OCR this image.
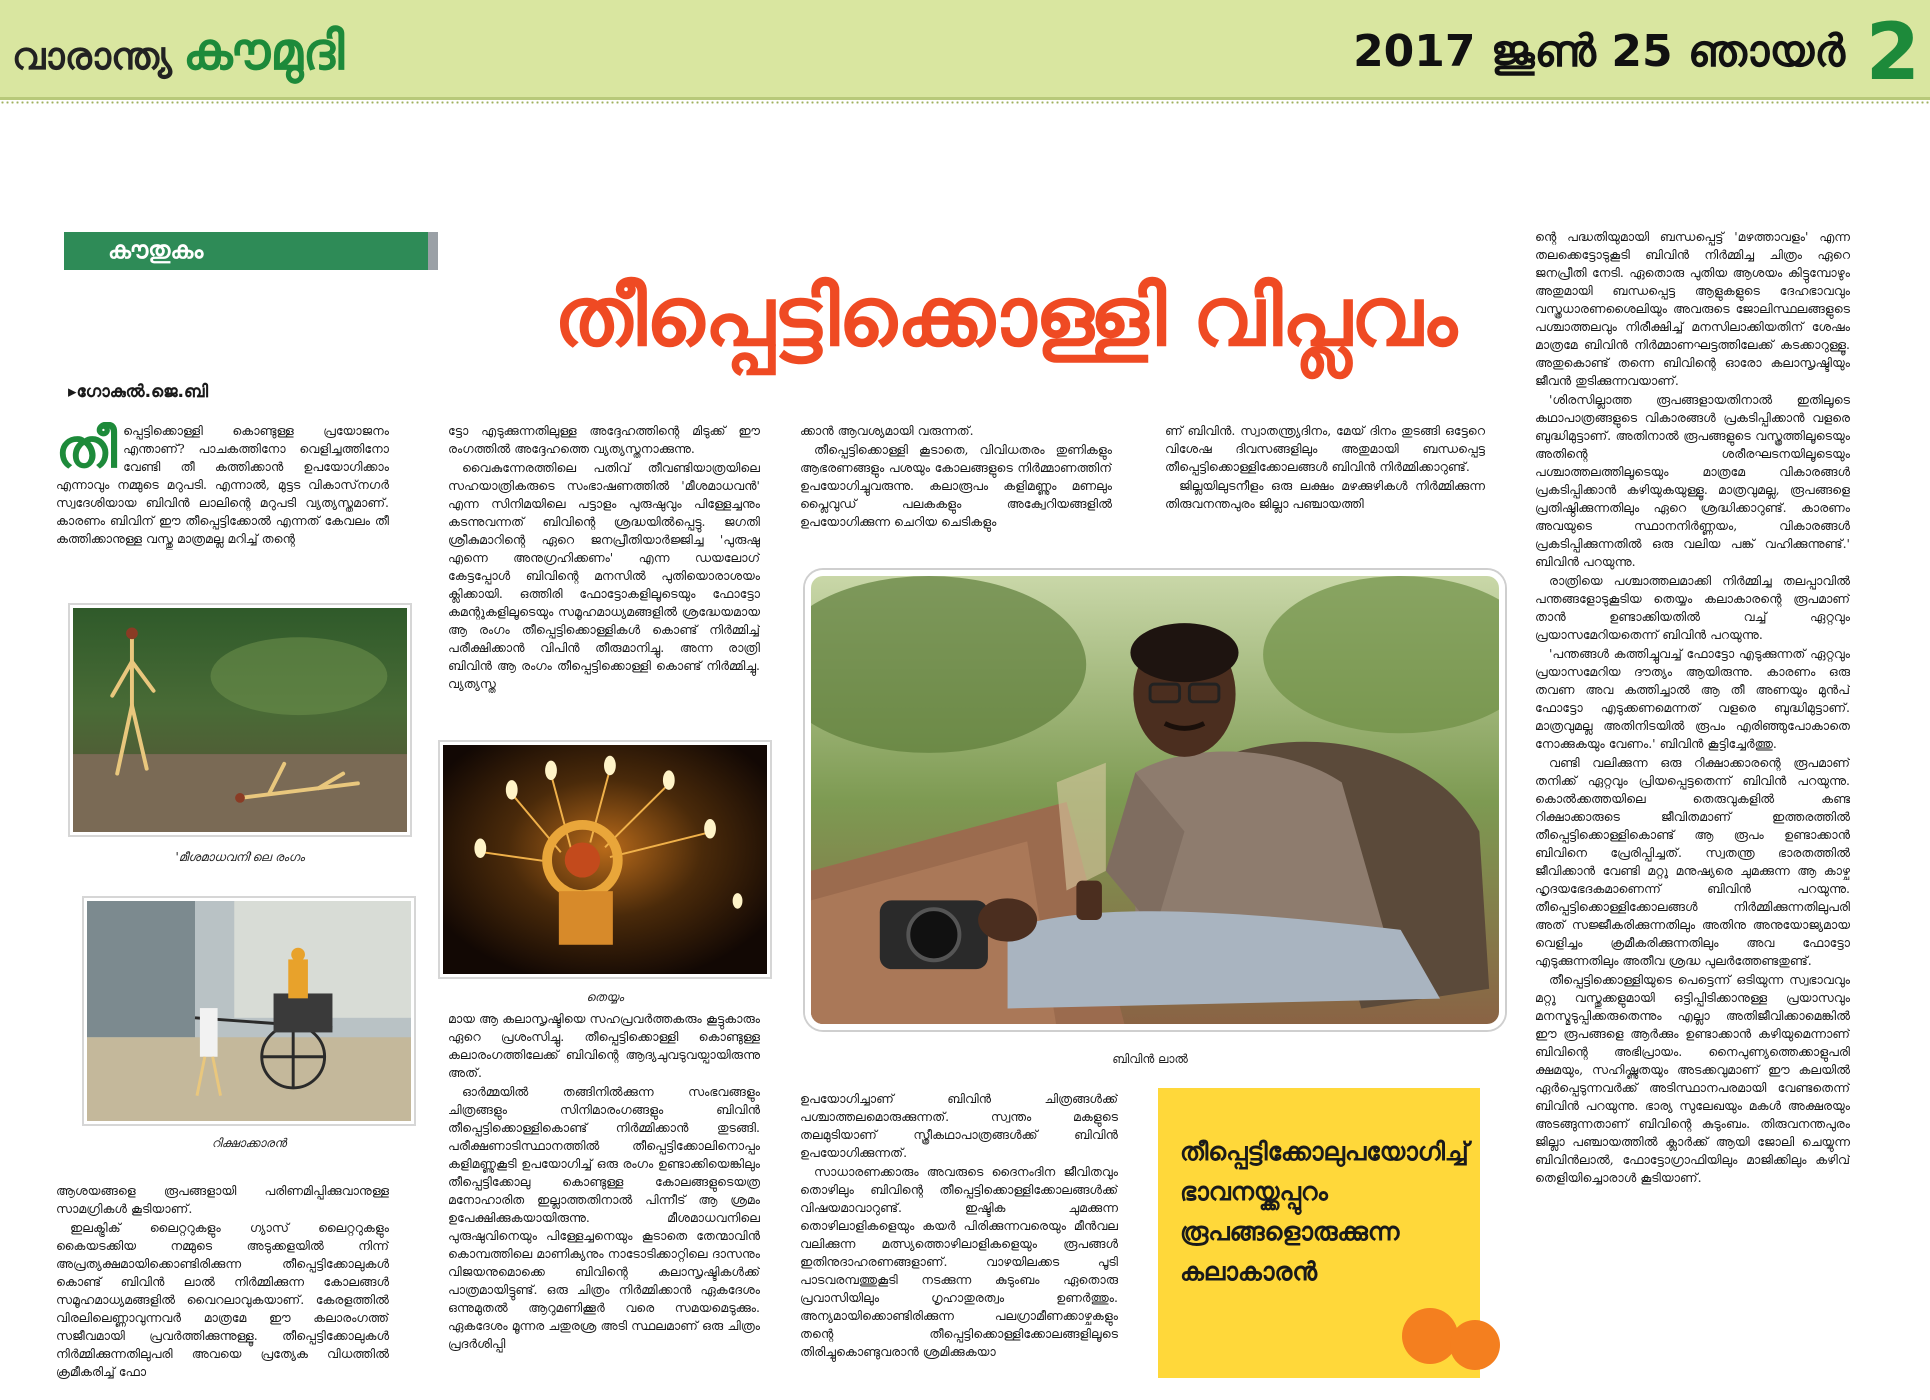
വാരാന്ത്യ കൗമുദി	2017 ജൂൺ 25 ഞായർ 2
കൗതുകം
തീപ്പെട്ടിക്കൊള്ളി വിപ്ലവം
▸ഗോകുൽ.ജെ.ബി
തീ പ്പെട്ടിക്കൊള്ളി കൊണ്ടുള്ള പ്രയോജനം എന്താണ്? പാചകത്തിനോ വെളിച്ചത്തിനോ വേണ്ടി തീ കത്തിക്കാൻ ഉപയോഗിക്കാം എന്നാവും നമ്മുടെ മറുപടി. എന്നാൽ, മുട്ടട വികാസ്‌നഗർ സ്വദേശിയായ ബിവിൻ ലാലിന്റെ മറുപടി വ്യത്യസ്തമാണ്. കാരണം ബിവിന് ഈ തീപ്പെട്ടിക്കോൽ എന്നത് കേവലം തീ കത്തിക്കാനുള്ള വസ്തു മാത്രമല്ല മറിച്ച് തന്റെ

'മീശമാധവനി'ലെ രംഗം
റിക്ഷാക്കാരൻ

ആശയങ്ങളെ രൂപങ്ങളായി പരിണമിപ്പിക്കുവാനുള്ള സാമഗ്രികൾ കൂടിയാണ്.

ഇലക്ട്രിക് ലൈറ്ററുകളും ഗ്യാസ് ലൈറ്ററുകളും കൈയടക്കിയ നമ്മുടെ അടുക്കളയിൽ നിന്ന് അപ്രത്യക്ഷമായിക്കൊണ്ടിരിക്കുന്ന തീപ്പെട്ടിക്കോലുകൾ കൊണ്ട് ബിവിൻ ലാൽ നിർമ്മിക്കുന്ന കോലങ്ങൾ സമൂഹമാധ്യമങ്ങളിൽ വൈറലാവുകയാണ്. കേരളത്തിൽ വിരലിലെണ്ണാവുന്നവർ മാത്രമേ ഈ കലാരംഗത്ത് സജീവമായി പ്രവർത്തിക്കുന്നുള്ളൂ. തീപ്പെട്ടിക്കോലുകൾ നിർമ്മിക്കുന്നതിലുപരി അവയെ പ്രത്യേക വിധത്തിൽ ക്രമീകരിച്ച് ഫോ

ട്ടോ എടുക്കുന്നതിലുള്ള അദ്ദേഹത്തിന്റെ മിടുക്ക് ഈ രംഗത്തിൽ അദ്ദേഹത്തെ വ്യത്യസ്തനാക്കുന്നു.

വൈകുന്നേരത്തിലെ പതിവ് തീവണ്ടിയാത്രയിലെ സഹയാത്രികരുടെ സംഭാഷണത്തിൽ 'മീശമാധവൻ' എന്ന സിനിമയിലെ പട്ടാളം പുരുഷുവും പിള്ളേച്ചനും കടന്നുവന്നത് ബിവിന്റെ ശ്രദ്ധയിൽപ്പെട്ടു. ജഗതി ശ്രീകുമാറിന്റെ ഏറെ ജനപ്രീതിയാർജ്ജിച്ച 'പുരുഷു എന്നെ അനുഗ്രഹിക്കണം' എന്ന ഡയലോഗ് കേട്ടപ്പോൾ ബിവിന്റെ മനസിൽ പുതിയൊരാശയം ക്ലിക്കായി. ഒത്തിരി ഫോട്ടോകളിലൂടെയും ഫോട്ടോ കമന്റുകളിലൂടെയും സമൂഹമാധ്യമങ്ങളിൽ ശ്രദ്ധേയമായ ആ രംഗം തീപ്പെട്ടിക്കൊള്ളികൾ കൊണ്ട് നിർമ്മിച്ച് പരീക്ഷിക്കാൻ വിപിൻ തീരുമാനിച്ചു. അന്ന രാത്രി ബിവിൻ ആ രംഗം തീപ്പെട്ടിക്കൊള്ളി കൊണ്ട് നിർമ്മിച്ചു. വ്യത്യസ്ത

തെയ്യം

മായ ആ കലാസൃഷ്ടിയെ സഹപ്രവർത്തകരും കൂട്ടുകാരും ഏറെ പ്രശംസിച്ചു. തീപ്പെട്ടിക്കൊള്ളി കൊണ്ടുള്ള കലാരംഗത്തിലേക്ക് ബിവിന്റെ ആദ്യചുവടുവയ്പായിരുന്നു അത്.

ഓർമ്മയിൽ തങ്ങിനിൽക്കുന്ന സംഭവങ്ങളും ചിത്രങ്ങളും സിനിമാരംഗങ്ങളും ബിവിൻ തീപ്പെട്ടിക്കൊള്ളികൊണ്ട് നിർമ്മിക്കാൻ തുടങ്ങി. പരീക്ഷണാടിസ്ഥാനത്തിൽ തീപ്പെട്ടിക്കോലിനൊപ്പം കളിമണ്ണുകൂടി ഉപയോഗിച്ച് ഒരു രംഗം ഉണ്ടാക്കിയെങ്കിലും തീപ്പെട്ടിക്കോലു കൊണ്ടുള്ള കോലങ്ങളുടെയത്ര മനോഹാരിത ഇല്ലാത്തതിനാൽ പിന്നീട് ആ ശ്രമം ഉപേക്ഷിക്കുകയായിരുന്നു. മീശമാധവനിലെ പുരുഷുവിനെയും പിള്ളേച്ചനെയും കൂടാതെ തേന്മാവിൻ കൊമ്പത്തിലെ മാണിക്യനും നാടോടിക്കാറ്റിലെ ദാസനും വിജയനുമൊക്കെ ബിവിന്റെ കലാസൃഷ്ടികൾക്ക് പാത്രമായിട്ടുണ്ട്. ഒരു ചിത്രം നിർമ്മിക്കാൻ ഏകദേശം ഒന്നുമുതൽ ആറുമണിക്കൂർ വരെ സമയമെടുക്കും. ഏകദേശം മൂന്നര ചതുരശ്ര അടി സ്ഥലമാണ് ഒരു ചിത്രം പ്രദർശിപ്പി

ക്കാൻ ആവശ്യമായി വരുന്നത്.

തീപ്പെട്ടിക്കൊള്ളി കൂടാതെ, വിവിധതരം തുണികളും ആഭരണങ്ങളും പശയും കോലങ്ങളുടെ നിർമ്മാണത്തിന് ഉപയോഗിച്ചുവരുന്നു. കലാരൂപം കളിമണ്ണും മണലും പ്ലൈവുഡ് പലകകളും അക്വേറിയങ്ങളിൽ ഉപയോഗിക്കുന്ന ചെറിയ ചെടികളും

ണ് ബിവിൻ. സ്വാതന്ത്ര്യദിനം, മേയ് ദിനം തുടങ്ങി ഒട്ടേറെ വിശേഷ ദിവസങ്ങളിലും അതുമായി ബന്ധപ്പെട്ട തീപ്പെട്ടിക്കൊള്ളിക്കോലങ്ങൾ ബിവിൻ നിർമ്മിക്കാറുണ്ട്.

ജില്ലയിലുടനീളം ഒരു ലക്ഷം മഴക്കുഴികൾ നിർമ്മിക്കുന്ന തിരുവനന്തപുരം ജില്ലാ പഞ്ചായത്തി

ബിവിൻ ലാൽ

ഉപയോഗിച്ചാണ് ബിവിൻ ചിത്രങ്ങൾക്ക് പശ്ചാത്തലമൊരുക്കുന്നത്. സ്വന്തം മകളുടെ തലമുടിയാണ് സ്ത്രീകഥാപാത്രങ്ങൾക്ക് ബിവിൻ ഉപയോഗിക്കുന്നത്.

സാധാരണക്കാരും അവരുടെ ദൈനംദിന ജീവിതവും തൊഴിലും ബിവിന്റെ തീപ്പെട്ടിക്കൊള്ളിക്കോലങ്ങൾക്ക് വിഷയമാവാറുണ്ട്. ഇഷ്ടിക ചുമക്കുന്ന തൊഴിലാളികളെയും കയർ പിരിക്കുന്നവരെയും മീൻവല വലിക്കുന്ന മത്സ്യത്തൊഴിലാളികളെയും രൂപങ്ങൾ ഇതിനുദാഹരണങ്ങളാണ്. വാഴയിലക്കട പൂടി പാടവരമ്പത്തുകൂടി നടക്കുന്ന കുടുംബം ഏതൊരു പ്രവാസിയിലും ഗൃഹാതുരത്വം ഉണർത്തും. അന്യമായിക്കൊണ്ടിരിക്കുന്ന പലഗ്രാമീണക്കാഴ്ചകളും തന്റെ തീപ്പെട്ടിക്കൊള്ളിക്കോലങ്ങളിലൂടെ തിരിച്ചുകൊണ്ടുവരാൻ ശ്രമിക്കുകയാ

തീപ്പെട്ടിക്കോലുപയോഗിച്ച് ഭാവനയ്ക്കപ്പുറം രൂപങ്ങളൊരുക്കുന്ന കലാകാരൻ

ന്റെ പദ്ധതിയുമായി ബന്ധപ്പെട്ട് 'മഴത്താവളം' എന്ന തലക്കെട്ടോടുകൂടി ബിവിൻ നിർമ്മിച്ച ചിത്രം ഏറെ ജനപ്രീതി നേടി. ഏതൊരു പുതിയ ആശയം കിട്ടുമ്പോഴും അതുമായി ബന്ധപ്പെട്ട ആളുകളുടെ ദേഹഭാവവും വസ്ത്രധാരണശൈലിയും അവരുടെ ജോലിസ്ഥലങ്ങളുടെ പശ്ചാത്തലവും നിരീക്ഷിച്ച് മനസിലാക്കിയതിന് ശേഷം മാത്രമേ ബിവിൻ നിർമ്മാണഘട്ടത്തിലേക്ക് കടക്കാറുള്ളൂ. അതുകൊണ്ട് തന്നെ ബിവിന്റെ ഓരോ കലാസൃഷ്ടിയും ജീവൻ തുടിക്കുന്നവയാണ്.

'ശിരസില്ലാത്ത രൂപങ്ങളായതിനാൽ ഇതിലൂടെ കഥാപാത്രങ്ങളുടെ വികാരങ്ങൾ പ്രകടിപ്പിക്കാൻ വളരെ ബുദ്ധിമുട്ടാണ്. അതിനാൽ രൂപങ്ങളുടെ വസ്ത്രത്തിലൂടെയും അതിന്റെ ശരീരഘടനയിലൂടെയും പശ്ചാത്തലത്തിലൂടെയും മാത്രമേ വികാരങ്ങൾ പ്രകടിപ്പിക്കാൻ കഴിയുകയുള്ളൂ. മാത്രവുമല്ല, രൂപങ്ങളെ പ്രതിഷ്ഠിക്കുന്നതിലും ഏറെ ശ്രദ്ധിക്കാറുണ്ട്. കാരണം അവയുടെ സ്ഥാനനിർണ്ണയം, വികാരങ്ങൾ പ്രകടിപ്പിക്കുന്നതിൽ ഒരു വലിയ പങ്ക് വഹിക്കുന്നുണ്ട്.' ബിവിൻ പറയുന്നു.

രാത്രിയെ പശ്ചാത്തലമാക്കി നിർമ്മിച്ച തലപ്പാവിൽ പന്തങ്ങളോടുകൂടിയ തെയ്യം കലാകാരന്റെ രൂപമാണ് താൻ ഉണ്ടാക്കിയതിൽ വച്ച് ഏറ്റവും പ്രയാസമേറിയതെന്ന് ബിവിൻ പറയുന്നു.

'പന്തങ്ങൾ കത്തിച്ചുവച്ച് ഫോട്ടോ എടുക്കുന്നത് ഏറ്റവും പ്രയാസമേറിയ ദൗത്യം ആയിരുന്നു. കാരണം ഒരു തവണ അവ കത്തിച്ചാൽ ആ തീ അണയും മുൻപ് ഫോട്ടോ എടുക്കണമെന്നത് വളരെ ബുദ്ധിമുട്ടാണ്. മാത്രവുമല്ല അതിനിടയിൽ രൂപം എരിഞ്ഞുപോകാതെ നോക്കുകയും വേണം.' ബിവിൻ കൂട്ടിച്ചേർത്തു.

വണ്ടി വലിക്കുന്ന ഒരു റിക്ഷാക്കാരന്റെ രൂപമാണ് തനിക്ക് ഏറ്റവും പ്രിയപ്പെട്ടതെന്ന് ബിവിൻ പറയുന്നു. കൊൽക്കത്തയിലെ തെരുവുകളിൽ കണ്ട റിക്ഷാക്കാരുടെ ജീവിതമാണ് ഇത്തരത്തിൽ തീപ്പെട്ടിക്കൊള്ളികൊണ്ട് ആ രൂപം ഉണ്ടാക്കാൻ ബിവിനെ പ്രേരിപ്പിച്ചത്. സ്വതന്ത്ര ഭാരതത്തിൽ ജീവിക്കാൻ വേണ്ടി മറ്റു മനുഷ്യരെ ചുമക്കുന്ന ആ കാഴ്ച ഹൃദയഭേദകമാണെന്ന് ബിവിൻ പറയുന്നു. തീപ്പെട്ടിക്കൊള്ളിക്കോലങ്ങൾ നിർമ്മിക്കുന്നതിലുപരി അത് സജ്ജീകരിക്കുന്നതിലും അതിനു അനുയോജ്യമായ വെളിച്ചം ക്രമീകരിക്കുന്നതിലും അവ ഫോട്ടോ എടുക്കുന്നതിലും അതീവ ശ്രദ്ധ പുലർത്തേണ്ടതുണ്ട്.

തീപ്പെട്ടിക്കൊള്ളിയുടെ പെട്ടെന്ന് ഒടിയുന്ന സ്വഭാവവും മറ്റു വസ്തുക്കളുമായി ഒട്ടിപ്പിടിക്കാനുള്ള പ്രയാസവും മനസ്മടുപ്പിക്കരുതെന്നും എല്ലാ അതിജീവിക്കാമെങ്കിൽ ഈ രൂപങ്ങളെ ആർക്കും ഉണ്ടാക്കാൻ കഴിയുമെന്നാണ് ബിവിന്റെ അഭിപ്രായം. നൈപുണ്യത്തെക്കാളുപരി ക്ഷമയും, സഹിഷ്ണുതയും അടക്കവുമാണ് ഈ കലയിൽ ഏർപ്പെടുന്നവർക്ക് അടിസ്ഥാനപരമായി വേണ്ടതെന്ന് ബിവിൻ പറയുന്നു. ഭാര്യ സുലേഖയും മകൾ അക്ഷരയും അടങ്ങുന്നതാണ് ബിവിന്റെ കുടുംബം. തിരുവനന്തപുരം ജില്ലാ പഞ്ചായത്തിൽ ക്ലാർക്ക് ആയി ജോലി ചെയ്യുന്ന ബിവിൻലാൽ, ഫോട്ടോഗ്രാഫിയിലും മാജിക്കിലും കഴിവ് തെളിയിച്ചൊരാൾ കൂടിയാണ്.
